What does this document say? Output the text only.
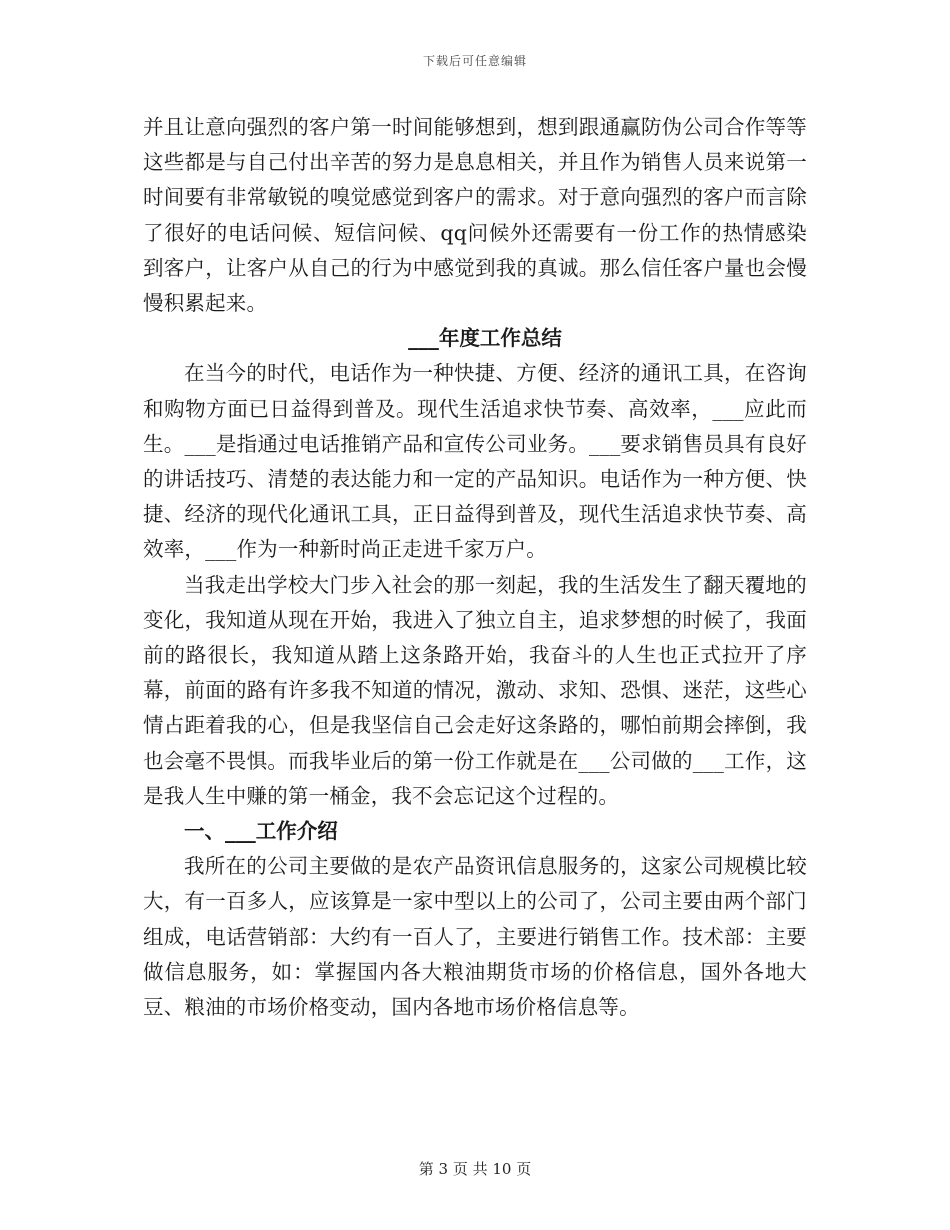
下载后可任意编辑

并且让意向强烈的客户第一时间能够想到，想到跟通赢防伪公司合作等等这些都是与自己付出辛苦的努力是息息相关，并且作为销售人员来说第一时间要有非常敏锐的嗅觉感觉到客户的需求。对于意向强烈的客户而言除了很好的电话问候、短信问候、qq问候外还需要有一份工作的热情感染到客户，让客户从自己的行为中感觉到我的真诚。那么信任客户量也会慢慢积累起来。

___年度工作总结

在当今的时代，电话作为一种快捷、方便、经济的通讯工具，在咨询和购物方面已日益得到普及。现代生活追求快节奏、高效率，___应此而生。___是指通过电话推销产品和宣传公司业务。___要求销售员具有良好的讲话技巧、清楚的表达能力和一定的产品知识。电话作为一种方便、快捷、经济的现代化通讯工具，正日益得到普及，现代生活追求快节奏、高效率，___作为一种新时尚正走进千家万户。

当我走出学校大门步入社会的那一刻起，我的生活发生了翻天覆地的变化，我知道从现在开始，我进入了独立自主，追求梦想的时候了，我面前的路很长，我知道从踏上这条路开始，我奋斗的人生也正式拉开了序幕，前面的路有许多我不知道的情况，激动、求知、恐惧、迷茫，这些心情占距着我的心，但是我坚信自己会走好这条路的，哪怕前期会摔倒，我也会毫不畏惧。而我毕业后的第一份工作就是在___公司做的___工作，这是我人生中赚的第一桶金，我不会忘记这个过程的。

一、___工作介绍

我所在的公司主要做的是农产品资讯信息服务的，这家公司规模比较大，有一百多人，应该算是一家中型以上的公司了，公司主要由两个部门组成，电话营销部：大约有一百人了，主要进行销售工作。技术部：主要做信息服务，如：掌握国内各大粮油期货市场的价格信息，国外各地大豆、粮油的市场价格变动，国内各地市场价格信息等。

第 3 页 共 10 页
